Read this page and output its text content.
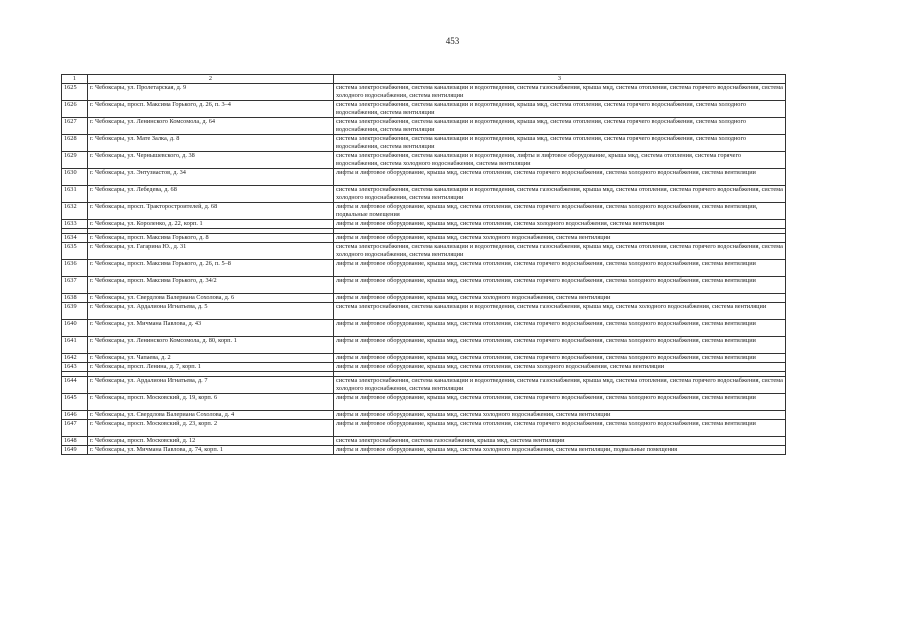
453
1	2	3
1625	г. Чебоксары, ул. Пролетарская, д. 9	система электроснабжения, система канализации и водоотведения, система газоснабжения, крыша мкд, система отопления, система горячего водоснабжения, система холодного водоснабжения, система вентиляции
1626	г. Чебоксары, просп. Максима Горького, д. 26, п. 3–4	система электроснабжения, система канализации и водоотведения, крыша мкд, система отопления, система горячего водоснабжения, система холодного водоснабжения, система вентиляции
1627	г. Чебоксары, ул. Ленинского Комсомола, д. 64	система электроснабжения, система канализации и водоотведения, крыша мкд, система отопления, система горячего водоснабжения, система холодного водоснабжения, система вентиляции
1628	г. Чебоксары, ул. Мате Залка, д. 8	система электроснабжения, система канализации и водоотведения, крыша мкд, система отопления, система горячего водоснабжения, система холодного водоснабжения, система вентиляции
1629	г. Чебоксары, ул. Чернышевского, д. 38	система электроснабжения, система канализации и водоотведения, лифты и лифтовое оборудование, крыша мкд, система отопления, система горячего водоснабжения, система холодного водоснабжения, система вентиляции
1630	г. Чебоксары, ул. Энтузиастов, д. 34	лифты и лифтовое оборудование, крыша мкд, система отопления, система горячего водоснабжения, система холодного водоснабжения, система вентиляции
1631	г. Чебоксары, ул. Лебедева, д. 68	система электроснабжения, система канализации и водоотведения, система газоснабжения, крыша мкд, система отопления, система горячего водоснабжения, система холодного водоснабжения, система вентиляции
1632	г. Чебоксары, просп. Тракторостроителей, д. 68	лифты и лифтовое оборудование, крыша мкд, система отопления, система горячего водоснабжения, система холодного водоснабжения, система вентиляции, подвальные помещения
1633	г. Чебоксары, ул. Короленко, д. 22, корп. 1	лифты и лифтовое оборудование, крыша мкд, система отопления, система холодного водоснабжения, система вентиляции

1634	г. Чебоксары, просп. Максима Горького, д. 8	лифты и лифтовое оборудование, крыша мкд, система холодного водоснабжения, система вентиляции
1635	г. Чебоксары, ул. Гагарина Ю., д. 31	система электроснабжения, система канализации и водоотведения, система газоснабжения, крыша мкд, система отопления, система горячего водоснабжения, система холодного водоснабжения, система вентиляции
1636	г. Чебоксары, просп. Максима Горького, д. 26, п. 5–8	лифты и лифтовое оборудование, крыша мкд, система отопления, система горячего водоснабжения, система холодного водоснабжения, система вентиляции
1637	г. Чебоксары, просп. Максима Горького, д. 34/2	лифты и лифтовое оборудование, крыша мкд, система отопления, система горячего водоснабжения, система холодного водоснабжения, система вентиляции
1638	г. Чебоксары, ул. Свердлова Валериана Сохолова, д. 6	лифты и лифтовое оборудование, крыша мкд, система холодного водоснабжения, система вентиляции
1639	г. Чебоксары, ул. Ардалиона Игнатьева, д. 5	система электроснабжения, система канализации и водоотведения, система газоснабжения, крыша мкд, система холодного водоснабжения, система вентиляции
1640	г. Чебоксары, ул. Мичмана Павлова, д. 43	лифты и лифтовое оборудование, крыша мкд, система отопления, система горячего водоснабжения, система холодного водоснабжения, система вентиляции
1641	г. Чебоксары, ул. Ленинского Комсомола, д. 80, корп. 1	лифты и лифтовое оборудование, крыша мкд, система отопления, система горячего водоснабжения, система холодного водоснабжения, система вентиляции
1642	г. Чебоксары, ул. Чапаева, д. 2	лифты и лифтовое оборудование, крыша мкд, система отопления, система горячего водоснабжения, система холодного водоснабжения, система вентиляции
1643	г. Чебоксары, просп. Ленина, д. 7, корп. 1	лифты и лифтовое оборудование, крыша мкд, система отопления, система холодного водоснабжения, система вентиляции

1644	г. Чебоксары, ул. Ардалиона Игнатьева, д. 7	система электроснабжения, система канализации и водоотведения, система газоснабжения, крыша мкд, система отопления, система горячего водоснабжения, система холодного водоснабжения, система вентиляции
1645	г. Чебоксары, просп. Московский, д. 19, корп. 6	лифты и лифтовое оборудование, крыша мкд, система отопления, система горячего водоснабжения, система холодного водоснабжения, система вентиляции
1646	г. Чебоксары, ул. Свердлова Валериана Сохолова, д. 4	лифты и лифтовое оборудование, крыша мкд, система холодного водоснабжения, система вентиляции
1647	г. Чебоксары, просп. Московский, д. 23, корп. 2	лифты и лифтовое оборудование, крыша мкд, система отопления, система горячего водоснабжения, система холодного водоснабжения, система вентиляции
1648	г. Чебоксары, просп. Московский, д. 12	система электроснабжения, система газоснабжения, крыша мкд, система вентиляции
1649	г. Чебоксары, ул. Мичмана Павлова, д. 74, корп. 1	лифты и лифтовое оборудование, крыша мкд, система холодного водоснабжения, система вентиляции, подвальные помещения
